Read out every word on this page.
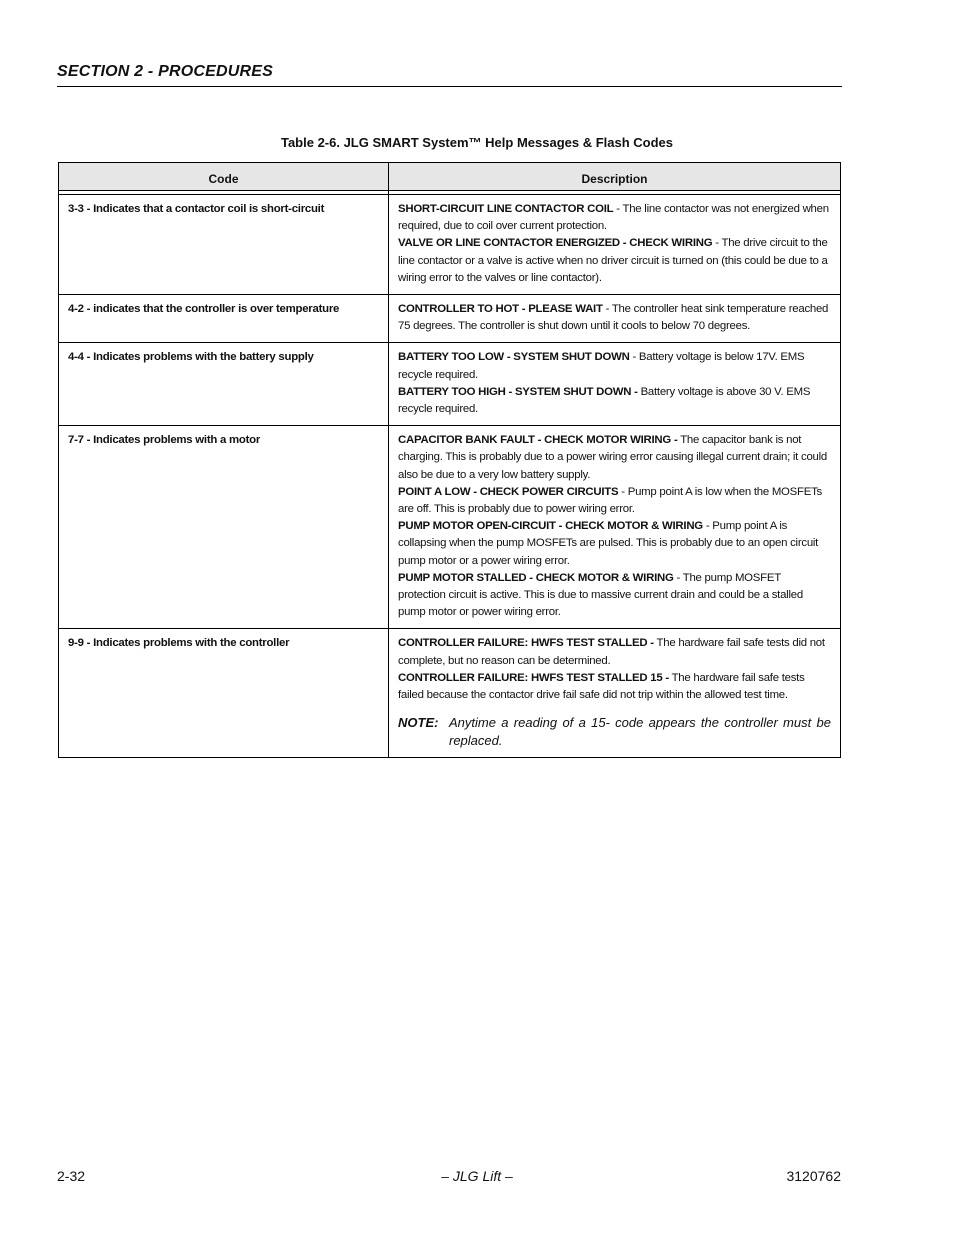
SECTION 2 - PROCEDURES
Table 2-6. JLG SMART System™ Help Messages & Flash Codes
Code	Description
3-3 - Indicates that a contactor coil is short-circuit	SHORT-CIRCUIT LINE CONTACTOR COIL - The line contactor was not energized when required, due to coil over current protection.

VALVE OR LINE CONTACTOR ENERGIZED - CHECK WIRING - The drive circuit to the line contactor or a valve is active when no driver circuit is turned on (this could be due to a wiring error to the valves or line contactor).

4-2 - indicates that the controller is over temperature	CONTROLLER TO HOT - PLEASE WAIT - The controller heat sink temperature reached 75 degrees. The controller is shut down until it cools to below 70 degrees.

4-4 - Indicates problems with the battery supply	BATTERY TOO LOW - SYSTEM SHUT DOWN - Battery voltage is below 17V. EMS recycle required.

BATTERY TOO HIGH - SYSTEM SHUT DOWN - Battery voltage is above 30 V. EMS recycle required.

7-7 - Indicates problems with a motor	CAPACITOR BANK FAULT - CHECK MOTOR WIRING - The capacitor bank is not charging. This is probably due to a power wiring error causing illegal current drain; it could also be due to a very low battery supply.

POINT A LOW - CHECK POWER CIRCUITS - Pump point A is low when the MOSFETs are off. This is probably due to power wiring error.

PUMP MOTOR OPEN-CIRCUIT - CHECK MOTOR & WIRING - Pump point A is collapsing when the pump MOSFETs are pulsed. This is probably due to an open circuit pump motor or a power wiring error.

PUMP MOTOR STALLED - CHECK MOTOR & WIRING - The pump MOSFET protection circuit is active. This is due to massive current drain and could be a stalled pump motor or power wiring error.

9-9 - Indicates problems with the controller	CONTROLLER FAILURE: HWFS TEST STALLED - The hardware fail safe tests did not complete, but no reason can be determined.

CONTROLLER FAILURE: HWFS TEST STALLED 15 - The hardware fail safe tests failed because the contactor drive fail safe did not trip within the allowed test time.

NOTE: Anytime a reading of a 15- code appears the controller must be replaced.

2-32	– JLG Lift –	3120762
